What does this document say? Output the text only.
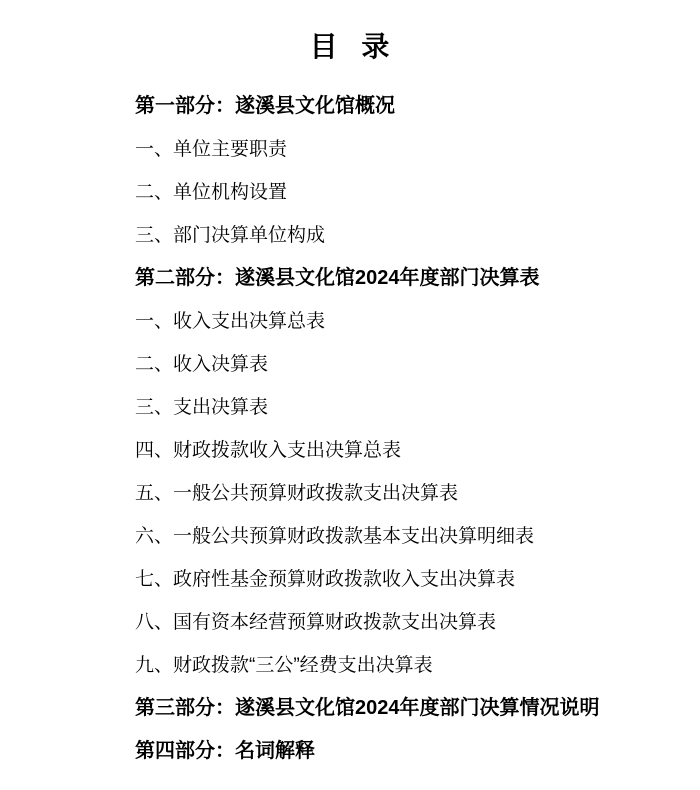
目 录
第一部分：遂溪县文化馆概况
一、单位主要职责
二、单位机构设置
三、部门决算单位构成
第二部分：遂溪县文化馆2024年度部门决算表
一、收入支出决算总表
二、收入决算表
三、支出决算表
四、财政拨款收入支出决算总表
五、一般公共预算财政拨款支出决算表
六、一般公共预算财政拨款基本支出决算明细表
七、政府性基金预算财政拨款收入支出决算表
八、国有资本经营预算财政拨款支出决算表
九、财政拨款“三公”经费支出决算表
第三部分：遂溪县文化馆2024年度部门决算情况说明
第四部分：名词解释
